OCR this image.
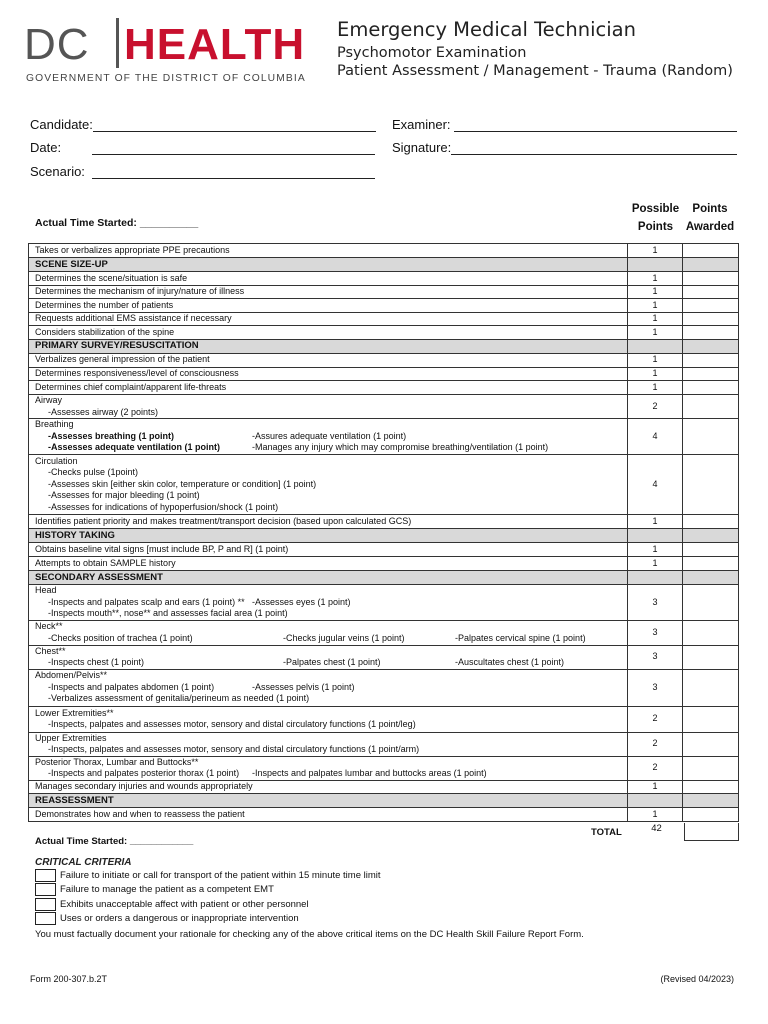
DC HEALTH
GOVERNMENT OF THE DISTRICT OF COLUMBIA
Emergency Medical Technician
Psychomotor Examination
Patient Assessment / Management - Trauma (Random)
Candidate:	Examiner:
Date:	Signature:
Scenario:
Actual Time Started: __________
Possible
Points
Points
Awarded
Takes or verbalizes appropriate PPE precautions	1	
SCENE SIZE-UP		
Determines the scene/situation is safe	1	
Determines the mechanism of injury/nature of illness	1	
Determines the number of patients	1	
Requests additional EMS assistance if necessary	1	
Considers stabilization of the spine	1	
PRIMARY SURVEY/RESUSCITATION		
Verbalizes general impression of the patient	1	
Determines responsiveness/level of consciousness	1	
Determines chief complaint/apparent life-threats	1	

Airway
-Assesses airway (2 points)	2	

Breathing
-Assesses breathing (1 point) -Assures adequate ventilation (1 point)
-Assesses adequate ventilation (1 point) -Manages any injury which may compromise breathing/ventilation (1 point)	4	

Circulation
-Checks pulse (1point)
-Assesses skin [either skin color, temperature or condition] (1 point)
-Assesses for major bleeding (1 point)
-Assesses for indications of hypoperfusion/shock (1 point)	4	
Identifies patient priority and makes treatment/transport decision (based upon calculated GCS)	1	
HISTORY TAKING		
Obtains baseline vital signs [must include BP, P and R] (1 point)	1	
Attempts to obtain SAMPLE history	1	
SECONDARY ASSESSMENT		

Head
-Inspects and palpates scalp and ears (1 point) ** -Assesses eyes (1 point)
-Inspects mouth**, nose** and assesses facial area (1 point)	3	

Neck**
-Checks position of trachea (1 point) -Checks jugular veins (1 point) -Palpates cervical spine (1 point)	3	

Chest**
-Inspects chest (1 point) -Palpates chest (1 point) -Auscultates chest (1 point)	3	

Abdomen/Pelvis**
-Inspects and palpates abdomen (1 point) -Assesses pelvis (1 point)
-Verbalizes assessment of genitalia/perineum as needed (1 point)	3	

Lower Extremities**
-Inspects, palpates and assesses motor, sensory and distal circulatory functions (1 point/leg)	2	

Upper Extremities
-Inspects, palpates and assesses motor, sensory and distal circulatory functions (1 point/arm)	2	

Posterior Thorax, Lumbar and Buttocks**
-Inspects and palpates posterior thorax (1 point) -Inspects and palpates lumbar and buttocks areas (1 point)	2	
Manages secondary injuries and wounds appropriately	1	
REASSESSMENT		
Demonstrates how and when to reassess the patient	1	
TOTAL	42
Actual Time Started: ____________
CRITICAL CRITERIA
Failure to initiate or call for transport of the patient within 15 minute time limit
Failure to manage the patient as a competent EMT
Exhibits unacceptable affect with patient or other personnel
Uses or orders a dangerous or inappropriate intervention
You must factually document your rationale for checking any of the above critical items on the DC Health Skill Failure Report Form.
Form 200-307.b.2T	(Revised 04/2023)
